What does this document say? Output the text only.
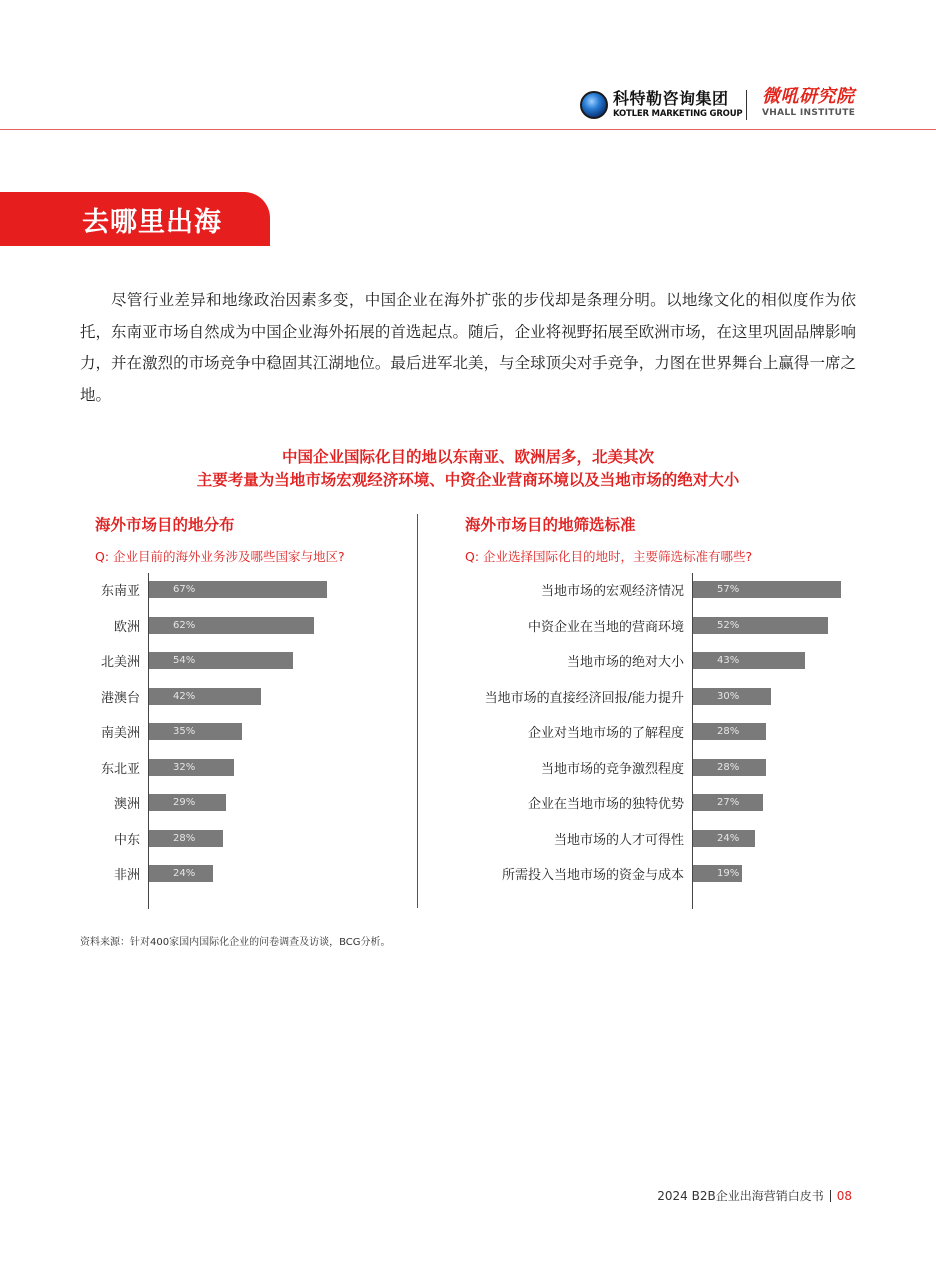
科特勒咨询集团
KOTLER MARKETING GROUP
微吼研究院
VHALL INSTITUTE
去哪里出海
尽管行业差异和地缘政治因素多变，中国企业在海外扩张的步伐却是条理分明。以地缘文化的相似度作为依托，东南亚市场自然成为中国企业海外拓展的首选起点。随后，企业将视野拓展至欧洲市场，在这里巩固品牌影响力，并在激烈的市场竞争中稳固其江湖地位。最后进军北美，与全球顶尖对手竞争，力图在世界舞台上赢得一席之地。
中国企业国际化目的地以东南亚、欧洲居多，北美其次
主要考量为当地市场宏观经济环境、中资企业营商环境以及当地市场的绝对大小
海外市场目的地分布
Q: 企业目前的海外业务涉及哪些国家与地区?
东南亚	67%
欧洲	62%
北美洲	54%
港澳台	42%
南美洲	35%
东北亚	32%
澳洲	29%
中东	28%
非洲	24%
海外市场目的地筛选标准
Q: 企业选择国际化目的地时，主要筛选标准有哪些?
当地市场的宏观经济情况	57%
中资企业在当地的营商环境	52%
当地市场的绝对大小	43%
当地市场的直接经济回报/能力提升	30%
企业对当地市场的了解程度	28%
当地市场的竞争激烈程度	28%
企业在当地市场的独特优势	27%
当地市场的人才可得性	24%
所需投入当地市场的资金与成本	19%
资料来源：针对400家国内国际化企业的问卷调查及访谈，BCG分析。
2024 B2B企业出海营销白皮书 08
